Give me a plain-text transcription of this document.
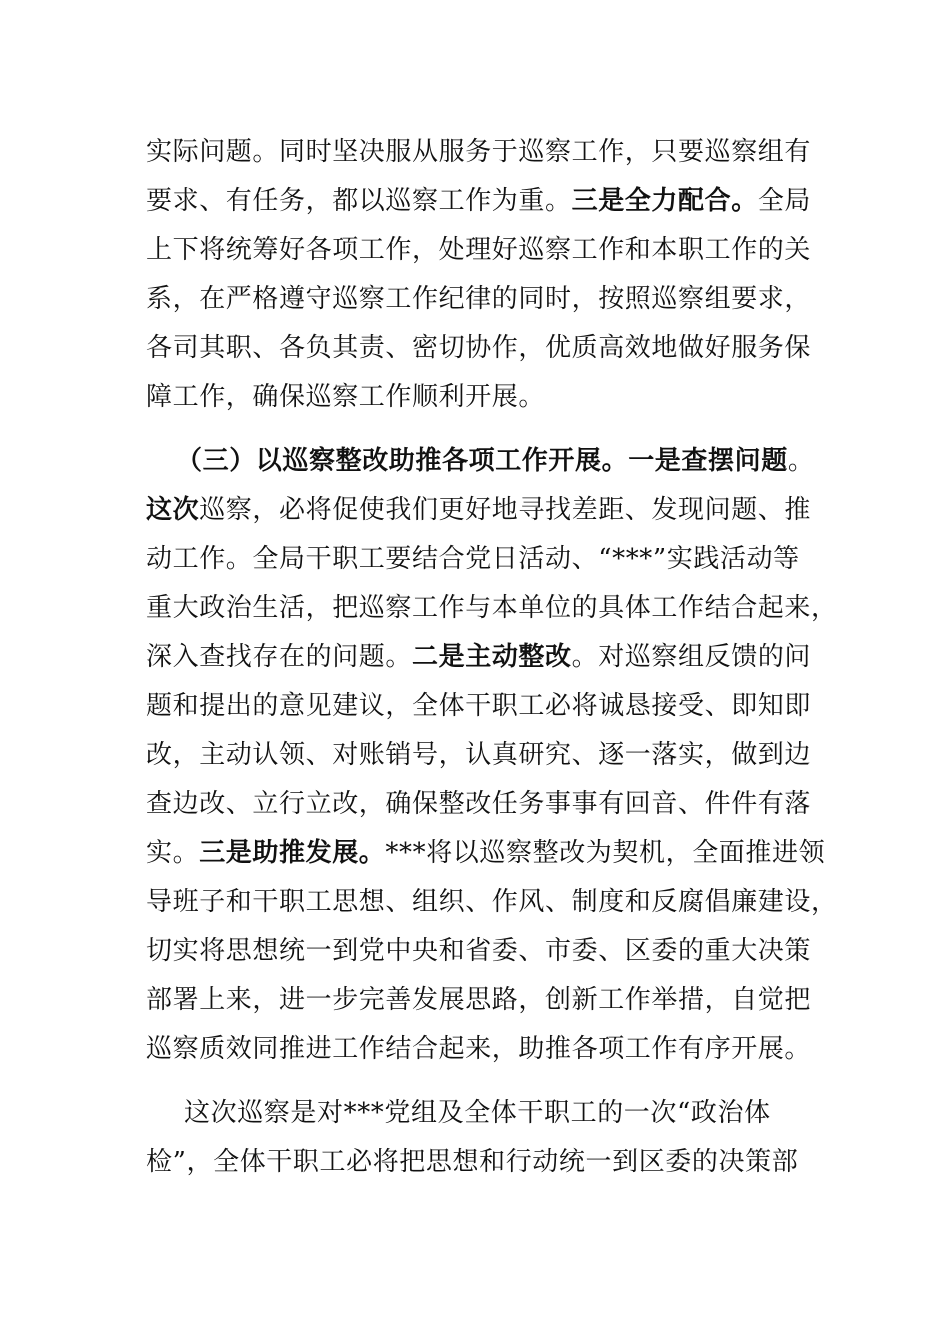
实际问题。同时坚决服从服务于巡察工作，只要巡察组有
要求、有任务，都以巡察工作为重。三是全力配合。全局
上下将统筹好各项工作，处理好巡察工作和本职工作的关
系，在严格遵守巡察工作纪律的同时，按照巡察组要求，
各司其职、各负其责、密切协作，优质高效地做好服务保
障工作，确保巡察工作顺利开展。
（三）以巡察整改助推各项工作开展。一是查摆问题。
这次巡察，必将促使我们更好地寻找差距、发现问题、推
动工作。全局干职工要结合党日活动、“***”实践活动等
重大政治生活，把巡察工作与本单位的具体工作结合起来，
深入查找存在的问题。二是主动整改。对巡察组反馈的问
题和提出的意见建议，全体干职工必将诚恳接受、即知即
改，主动认领、对账销号，认真研究、逐一落实，做到边
查边改、立行立改，确保整改任务事事有回音、件件有落
实。三是助推发展。***将以巡察整改为契机，全面推进领
导班子和干职工思想、组织、作风、制度和反腐倡廉建设，
切实将思想统一到党中央和省委、市委、区委的重大决策
部署上来，进一步完善发展思路，创新工作举措，自觉把
巡察质效同推进工作结合起来，助推各项工作有序开展。
这次巡察是对***党组及全体干职工的一次“政治体
检”，全体干职工必将把思想和行动统一到区委的决策部
